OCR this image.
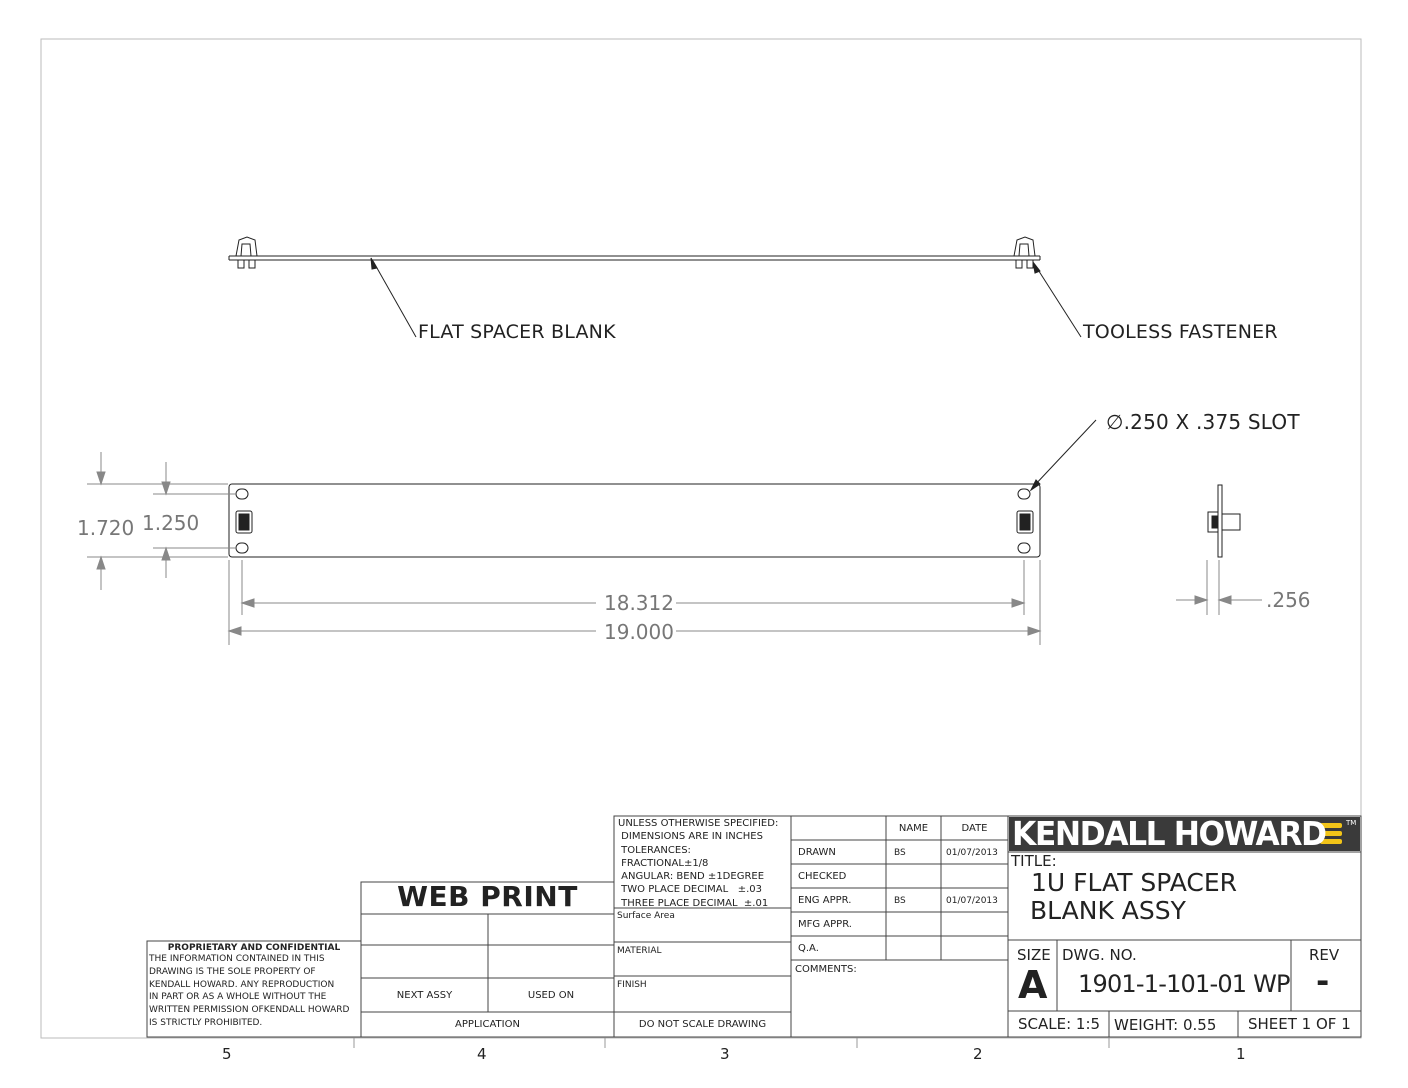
FLAT SPACER BLANK	TOOLESS FASTENER
∅.250 X .375 SLOT
1.720 1.250
18.312
19.000
.256
WEB PRINT
PROPRIETARY AND CONFIDENTIAL
THE INFORMATION CONTAINED IN THIS
DRAWING IS THE SOLE PROPERTY OF
KENDALL HOWARD. ANY REPRODUCTION
IN PART OR AS A WHOLE WITHOUT THE
WRITTEN PERMISSION OFKENDALL HOWARD
IS STRICTLY PROHIBITED.
NEXT ASSY	USED ON
APPLICATION
UNLESS OTHERWISE SPECIFIED:
DIMENSIONS ARE IN INCHES
TOLERANCES:
FRACTIONAL±1/8
ANGULAR: BEND ±1DEGREE
TWO PLACE DECIMAL   ±.03
THREE PLACE DECIMAL  ±.01
Surface Area
MATERIAL
FINISH
DO NOT SCALE DRAWING
NAME	DATE
DRAWN	BS	01/07/2013
CHECKED
ENG APPR.	BS	01/07/2013
MFG APPR.
Q.A.
COMMENTS:
KENDALL HOWARD	TM
TITLE:
1U FLAT SPACER
BLANK ASSY
SIZE
A
DWG. NO.
1901-1-101-01 WP
REV
-
SCALE: 1:5 WEIGHT: 0.55 SHEET 1 OF 1
5	4	3	2	1
